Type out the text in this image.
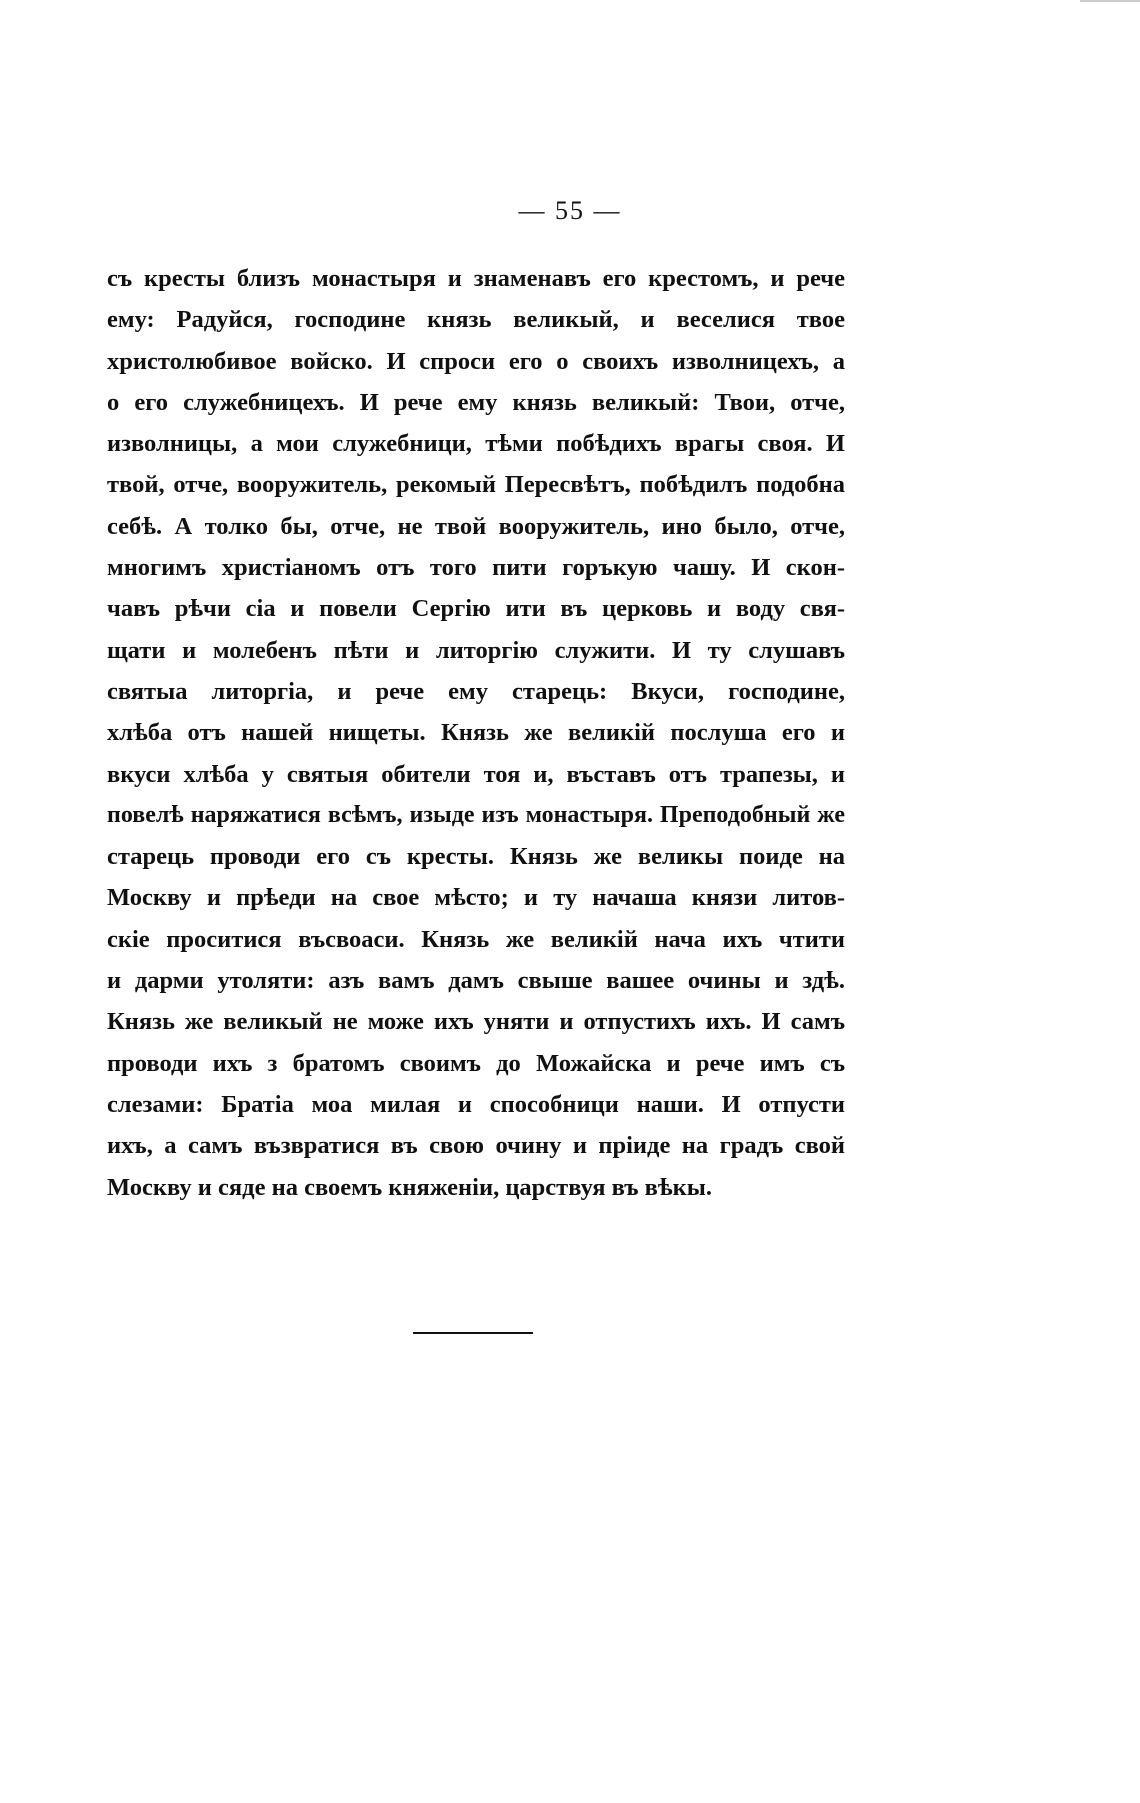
— 55 —
съ кресты близъ монастыря и знаменавъ его крестомъ, и рече
ему: Радуйся, господине князь великый, и веселися твое
христолюбивое войско. И спроси его о своихъ изволницехъ, а
о его служебницехъ. И рече ему князь великый: Твои, отче,
изволницы, а мои служебници, тѣми побѣдихъ врагы своя. И
твой, отче, вооружитель, рекомый Пересвѣтъ, побѣдилъ подобна
себѣ. А толко бы, отче, не твой вооружитель, ино было, отче,
многимъ христіаномъ отъ того пити горъкую чашу. И скон-
чавъ рѣчи сіа и повели Сергію ити въ церковь и воду свя-
щати и молебенъ пѣти и литоргію служити. И ту слушавъ
святыа литоргіа, и рече ему старець: Вкуси, господине,
хлѣба отъ нашей нищеты. Князь же великій послуша его и
вкуси хлѣба у святыя обители тоя и, въставъ отъ трапезы, и
повелѣ наряжатися всѣмъ, изыде изъ монастыря. Преподобный же
старець проводи его съ кресты. Князь же великы поиде на
Москву и прѣеди на свое мѣсто; и ту начаша князи литов-
скіе проситися въсвоаси. Князь же великій нача ихъ чтити
и дарми утоляти: азъ вамъ дамъ свыше вашее очины и здѣ.
Князь же великый не може ихъ уняти и отпустихъ ихъ. И самъ
проводи ихъ з братомъ своимъ до Можайска и рече имъ съ
слезами: Братіа моа милая и способници наши. И отпусти
ихъ, а самъ възвратися въ свою очину и пріиде на градъ свой
Москву и сяде на своемъ княженіи, царствуя въ вѣкы.
